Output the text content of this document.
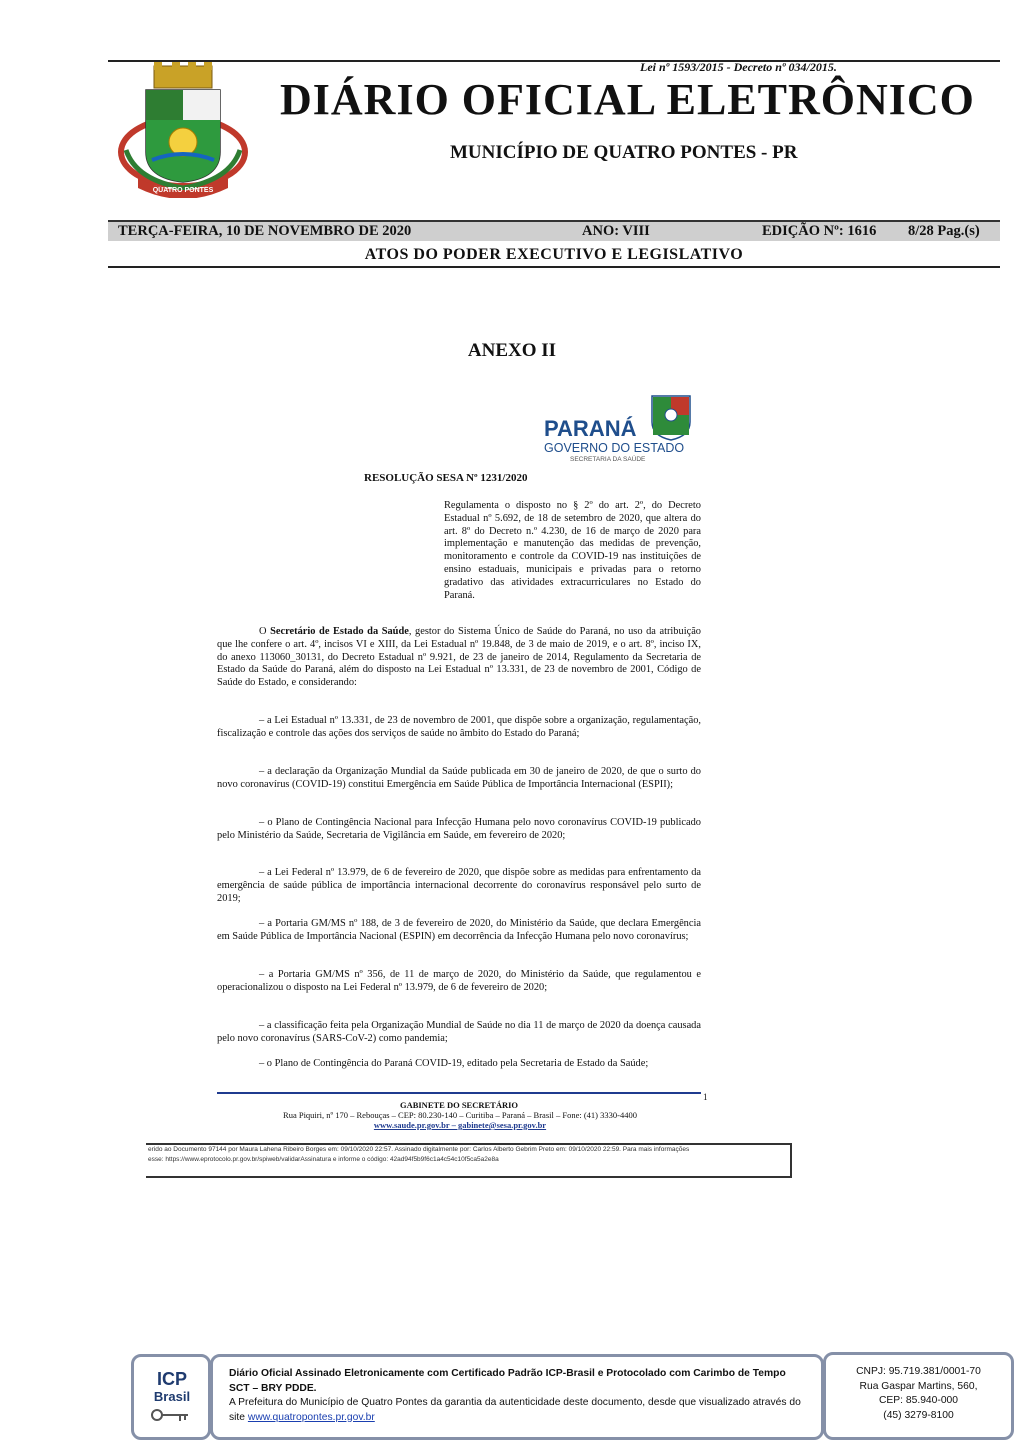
Lei nº 1593/2015 - Decreto nº 034/2015.
QUATRO PONTES
DIÁRIO OFICIAL ELETRÔNICO
MUNICÍPIO DE QUATRO PONTES - PR
TERÇA-FEIRA, 10 DE NOVEMBRO DE 2020	ANO: VIII	EDIÇÃO Nº: 1616 8/28 Pag.(s)
ATOS DO PODER EXECUTIVO E LEGISLATIVO
ANEXO II
PARANÁ
GOVERNO DO ESTADO
SECRETARIA DA SAÚDE
RESOLUÇÃO SESA Nº 1231/2020
Regulamenta o disposto no § 2º do art. 2º, do Decreto Estadual nº 5.692, de 18 de setembro de 2020, que altera do art. 8º do Decreto n.º 4.230, de 16 de março de 2020 para implementação e manutenção das medidas de prevenção, monitoramento e controle da COVID-19 nas instituições de ensino estaduais, municipais e privadas para o retorno gradativo das atividades extracurriculares no Estado do Paraná.
O Secretário de Estado da Saúde, gestor do Sistema Único de Saúde do Paraná, no uso da atribuição que lhe confere o art. 4º, incisos VI e XIII, da Lei Estadual nº 19.848, de 3 de maio de 2019, e o art. 8º, inciso IX, do anexo 113060_30131, do Decreto Estadual nº 9.921, de 23 de janeiro de 2014, Regulamento da Secretaria de Estado da Saúde do Paraná, além do disposto na Lei Estadual nº 13.331, de 23 de novembro de 2001, Código de Saúde do Estado, e considerando:
– a Lei Estadual nº 13.331, de 23 de novembro de 2001, que dispõe sobre a organização, regulamentação, fiscalização e controle das ações dos serviços de saúde no âmbito do Estado do Paraná;
– a declaração da Organização Mundial da Saúde publicada em 30 de janeiro de 2020, de que o surto do novo coronavírus (COVID-19) constitui Emergência em Saúde Pública de Importância Internacional (ESPII);
– o Plano de Contingência Nacional para Infecção Humana pelo novo coronavírus COVID-19 publicado pelo Ministério da Saúde, Secretaria de Vigilância em Saúde, em fevereiro de 2020;
– a Lei Federal nº 13.979, de 6 de fevereiro de 2020, que dispõe sobre as medidas para enfrentamento da emergência de saúde pública de importância internacional decorrente do coronavírus responsável pelo surto de 2019;
– a Portaria GM/MS nº 188, de 3 de fevereiro de 2020, do Ministério da Saúde, que declara Emergência em Saúde Pública de Importância Nacional (ESPIN) em decorrência da Infecção Humana pelo novo coronavírus;
– a Portaria GM/MS nº 356, de 11 de março de 2020, do Ministério da Saúde, que regulamentou e operacionalizou o disposto na Lei Federal nº 13.979, de 6 de fevereiro de 2020;
– a classificação feita pela Organização Mundial de Saúde no dia 11 de março de 2020 da doença causada pelo novo coronavírus (SARS-CoV-2) como pandemia;
– o Plano de Contingência do Paraná COVID-19, editado pela Secretaria de Estado da Saúde;
1
GABINETE DO SECRETÁRIO
Rua Piquiri, nº 170 – Rebouças – CEP: 80.230-140 – Curitiba – Paraná – Brasil – Fone: (41) 3330-4400
www.saude.pr.gov.br – gabinete@sesa.pr.gov.br
erido ao Documento 97144 por Maura Lahena Ribeiro Borges em: 09/10/2020 22:57. Assinado digitalmente por: Carlos Alberto Gebrim Preto em: 09/10/2020 22:59. Para mais informações
esse: https://www.eprotocolo.pr.gov.br/spiweb/validarAssinatura e informe o código: 42ad94f5b9f6c1a4c54c10f5ca5a2e8a
ICP
Brasil
Diário Oficial Assinado Eletronicamente com Certificado Padrão ICP-Brasil e Protocolado com Carimbo de Tempo SCT – BRY PDDE.
A Prefeitura do Município de Quatro Pontes da garantia da autenticidade deste documento, desde que visualizado através do site www.quatropontes.pr.gov.br
CNPJ: 95.719.381/0001-70
Rua Gaspar Martins, 560,
CEP: 85.940-000
(45) 3279-8100
